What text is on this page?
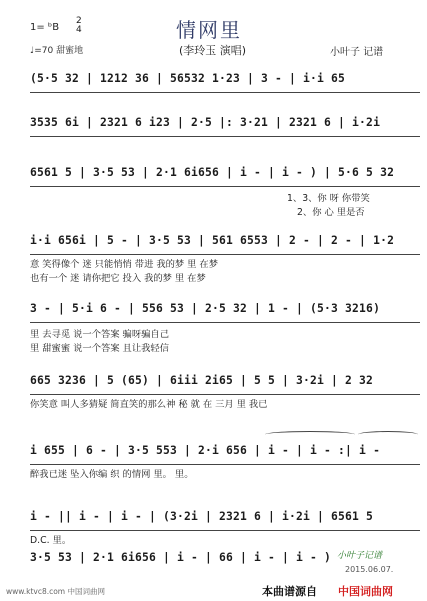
情网里
(李玲玉 演唱)
1= ᵇB
2
4
♩=70 甜蜜地	小叶子 记谱
(5·5 32 | 1212 36 | 56532 1·23 | 3 - | i·i 65
3535 6i | 2321 6 i23 | 2·5 |: 3·21 | 2321 6 | i·2i
6561 5 | 3·5 53 | 2·1 6i656 | i - | i - ) | 5·6 5 32
1、3、你 呀 你带笑
2、你 心 里是否
i·i 656i | 5 - | 3·5 53 | 561 6553 | 2 - | 2 - | 1·2
意 笑得像个 迷 只能悄悄 带进 我的梦 里 在梦
也有一个 迷 请你把它 投入 我的梦 里 在梦
3 - | 5·i 6 - | 556 53 | 2·5 32 | 1 - | (5·3 3216)
里 去寻觅 说一个答案 骗呀骗自己
里 甜蜜蜜 说一个答案 且让我轻信
665 3236 | 5 (65) | 6iii 2i65 | 5 5 | 3·2i | 2 32
你笑意 叫人多猜疑 简直笑的那么神 秘 就 在 三月 里 我已
i 655 | 6 - | 3·5 553 | 2·i 656 | i - | i - :| i -
醉我已迷 坠入你编 织 的情网 里。 里。
i - || i - | i - | (3·2i | 2321 6 | i·2i | 6561 5
D.C. 里。
3·5 53 | 2·1 6i656 | i - | 66 | i - | i - ) 小叶子记谱
2015.06.07.
www.ktvc8.com 中国词曲网	本曲谱源自 中国词曲网
